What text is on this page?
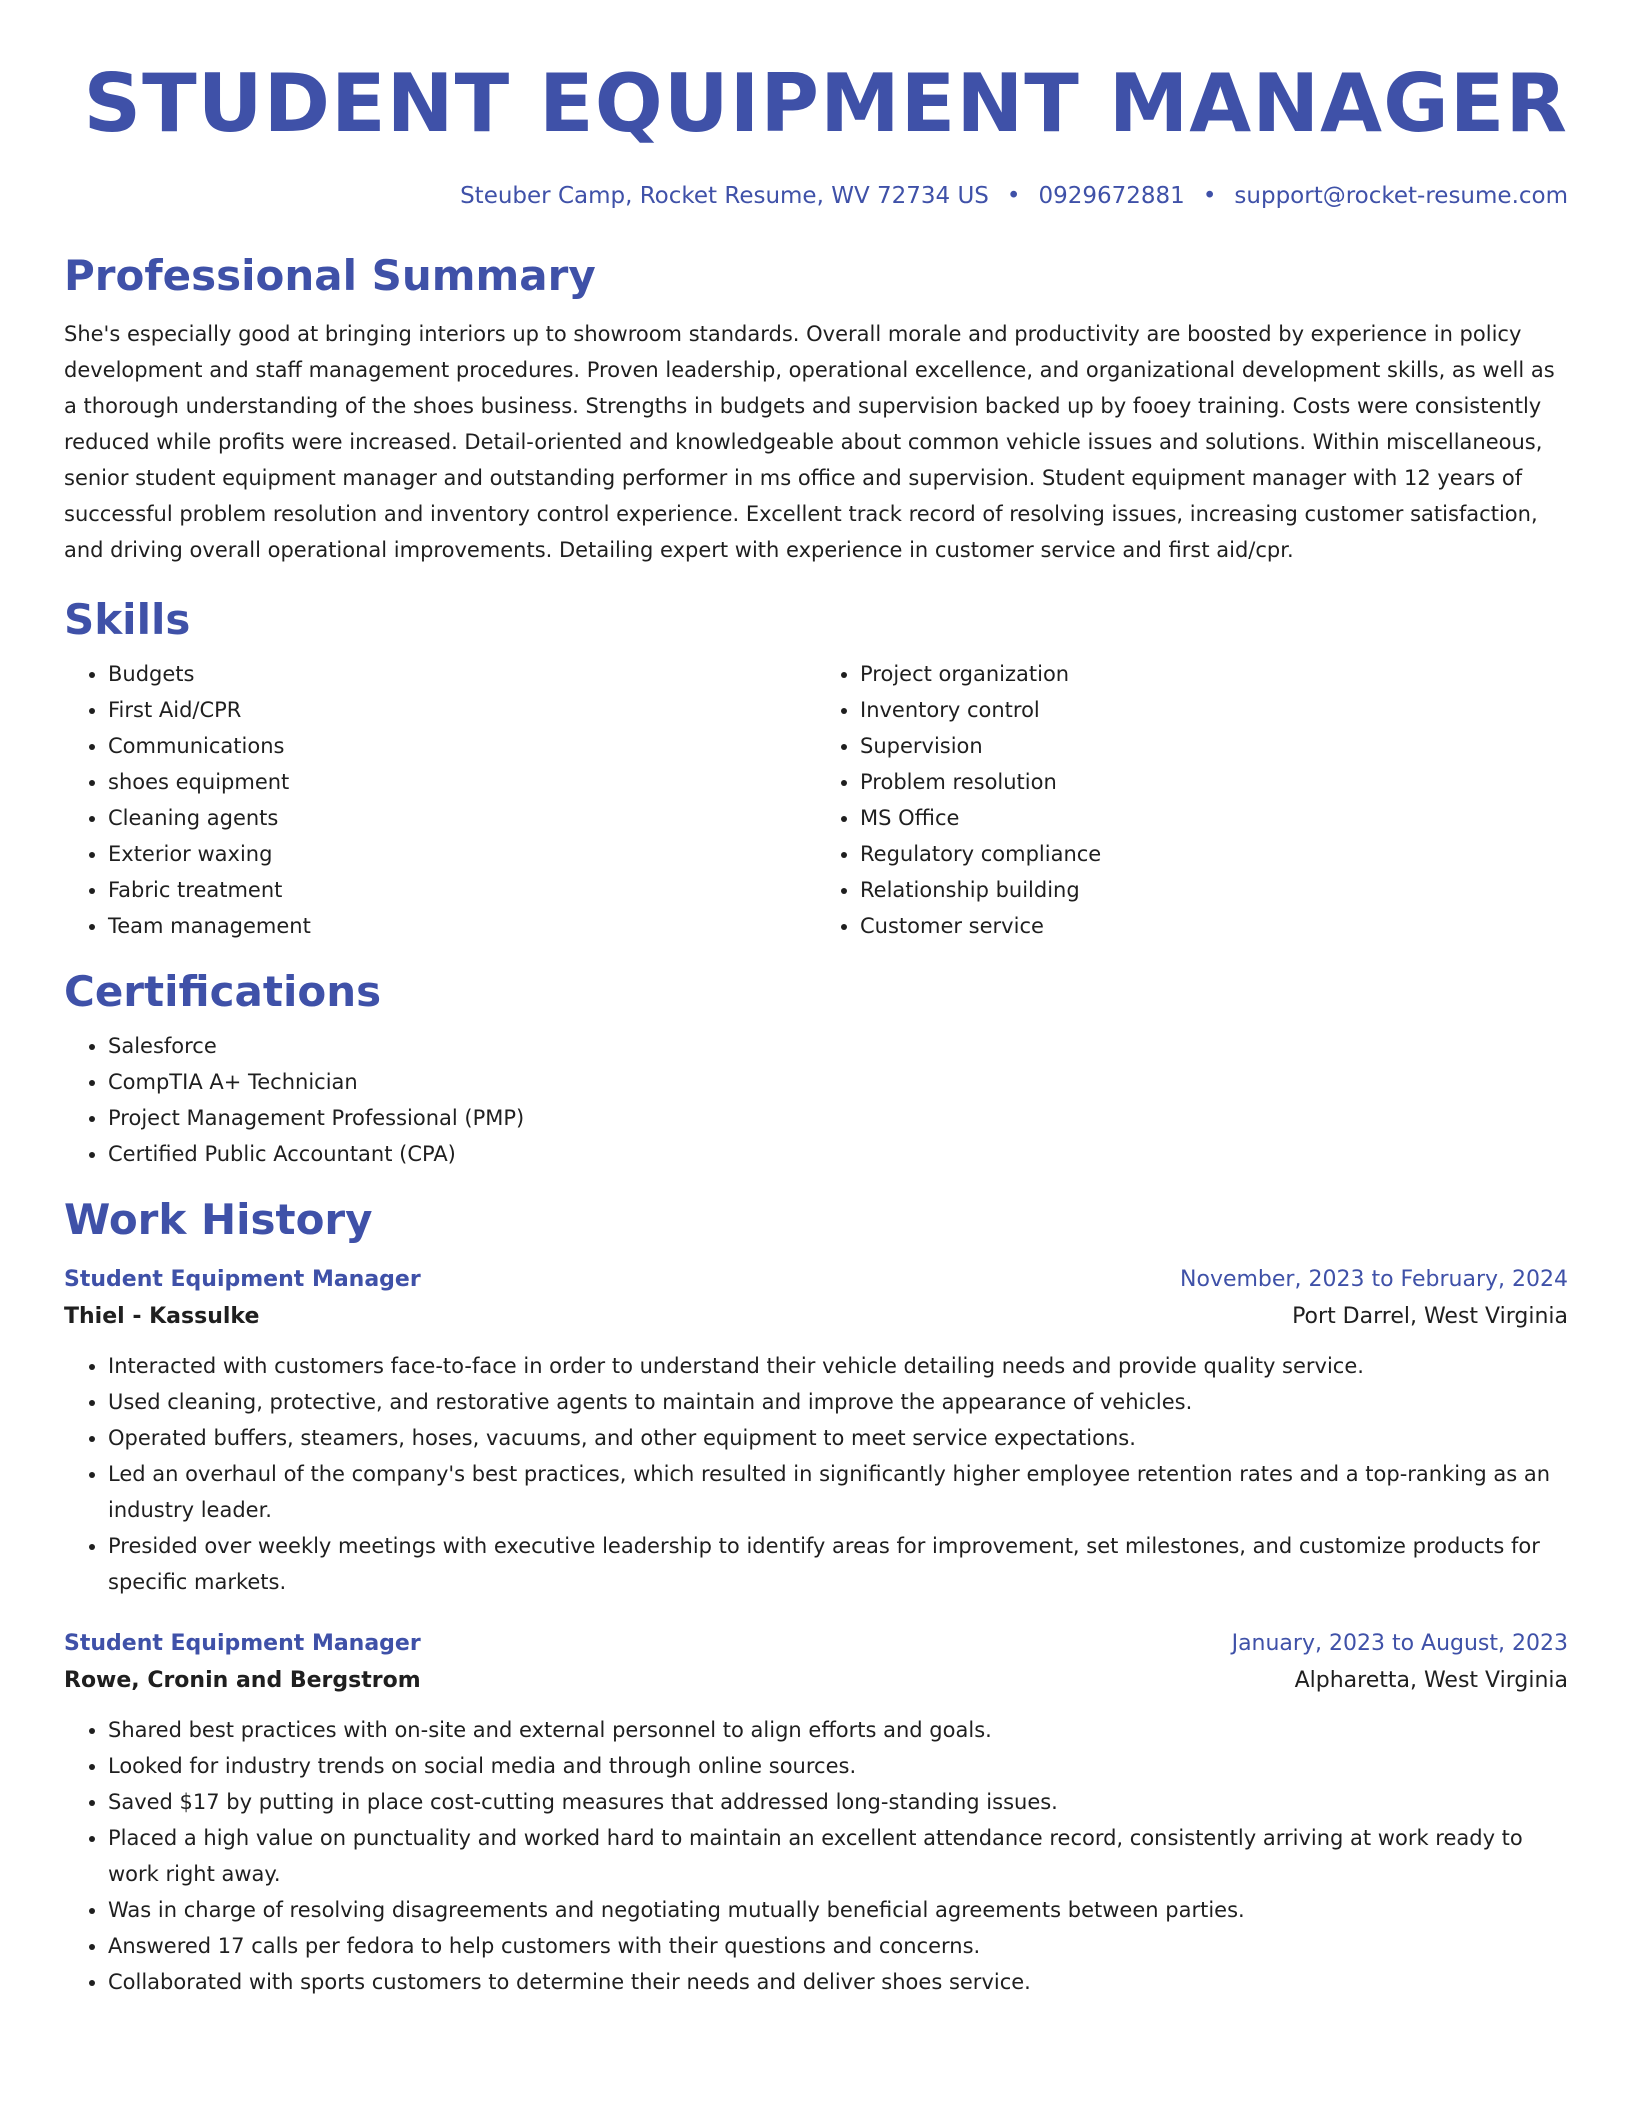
STUDENT EQUIPMENT MANAGER
Steuber Camp, Rocket Resume, WV 72734 US • 0929672881 • support@rocket-resume.com
Professional Summary

She's especially good at bringing interiors up to showroom standards. Overall morale and productivity are boosted by experience in policy development and staff management procedures. Proven leadership, operational excellence, and organizational development skills, as well as a thorough understanding of the shoes business. Strengths in budgets and supervision backed up by fooey training. Costs were consistently reduced while profits were increased. Detail-oriented and knowledgeable about common vehicle issues and solutions. Within miscellaneous, senior student equipment manager and outstanding performer in ms office and supervision. Student equipment manager with 12 years of successful problem resolution and inventory control experience. Excellent track record of resolving issues, increasing customer satisfaction, and driving overall operational improvements. Detailing expert with experience in customer service and first aid/cpr.

Skills
• Budgets
• First Aid/CPR
• Communications
• shoes equipment
• Cleaning agents
• Exterior waxing
• Fabric treatment
• Team management
• Project organization
• Inventory control
• Supervision
• Problem resolution
• MS Office
• Regulatory compliance
• Relationship building
• Customer service
Certifications
• Salesforce
• CompTIA A+ Technician
• Project Management Professional (PMP)
• Certified Public Accountant (CPA)
Work History
Student Equipment Manager	November, 2023 to February, 2024
Thiel - Kassulke	Port Darrel, West Virginia
• Interacted with customers face-to-face in order to understand their vehicle detailing needs and provide quality service.
• Used cleaning, protective, and restorative agents to maintain and improve the appearance of vehicles.
• Operated buffers, steamers, hoses, vacuums, and other equipment to meet service expectations.
• Led an overhaul of the company's best practices, which resulted in significantly higher employee retention rates and a top-ranking as an industry leader.
• Presided over weekly meetings with executive leadership to identify areas for improvement, set milestones, and customize products for specific markets.
Student Equipment Manager	January, 2023 to August, 2023
Rowe, Cronin and Bergstrom	Alpharetta, West Virginia
• Shared best practices with on-site and external personnel to align efforts and goals.
• Looked for industry trends on social media and through online sources.
• Saved $17 by putting in place cost-cutting measures that addressed long-standing issues.
• Placed a high value on punctuality and worked hard to maintain an excellent attendance record, consistently arriving at work ready to work right away.
• Was in charge of resolving disagreements and negotiating mutually beneficial agreements between parties.
• Answered 17 calls per fedora to help customers with their questions and concerns.
• Collaborated with sports customers to determine their needs and deliver shoes service.
